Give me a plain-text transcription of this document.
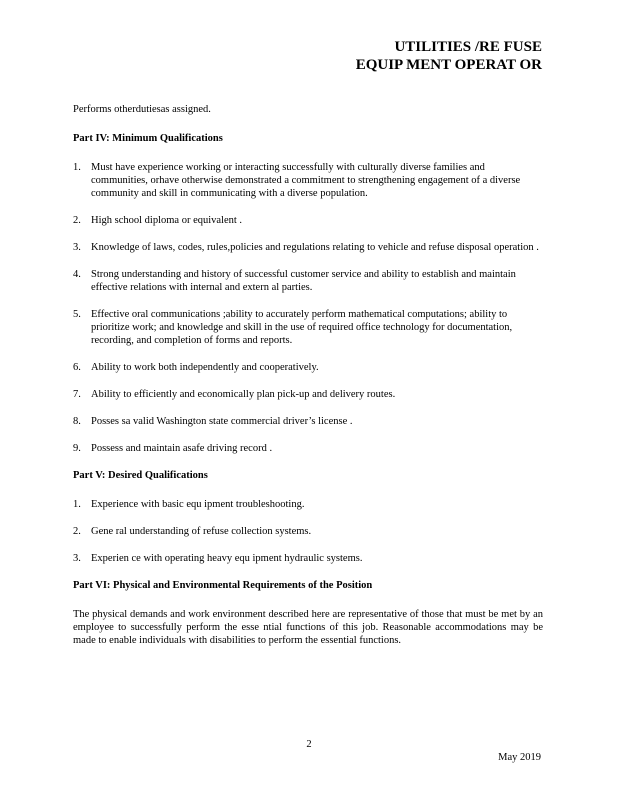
UTILITIES /RE FUSE
EQUIP MENT OPERAT OR

Performs otherdutiesas assigned.

Part IV: Minimum Qualifications
1. Must have experience working or interacting successfully with culturally diverse families and communities, orhave otherwise demonstrated a commitment to strengthening engagement of a diverse community and skill in communicating with a diverse population.
2. High school diploma or equivalent .
3. Knowledge of laws, codes, rules,policies and regulations relating to vehicle and refuse disposal operation .
4. Strong understanding and history of successful customer service and ability to establish and maintain effective relations with internal and extern al parties.
5. Effective oral communications ;ability to accurately perform mathematical computations; ability to prioritize work; and knowledge and skill in the use of required office technology for documentation, recording, and completion of forms and reports.
6. Ability to work both independently and cooperatively.
7. Ability to efficiently and economically plan pick-up and delivery routes.
8. Posses sa valid Washington state commercial driver’s license .
9. Possess and maintain asafe driving record .
Part V: Desired Qualifications
1. Experience with basic equ ipment troubleshooting.
2. Gene ral understanding of refuse collection systems.
3. Experien ce with operating heavy equ ipment hydraulic systems.
Part VI: Physical and Environmental Requirements of the Position

The physical demands and work environment described here are representative of those that must be met by an employee to successfully perform the esse ntial functions of this job. Reasonable accommodations may be made to enable individuals with disabilities to perform the essential functions.

2
May 2019
